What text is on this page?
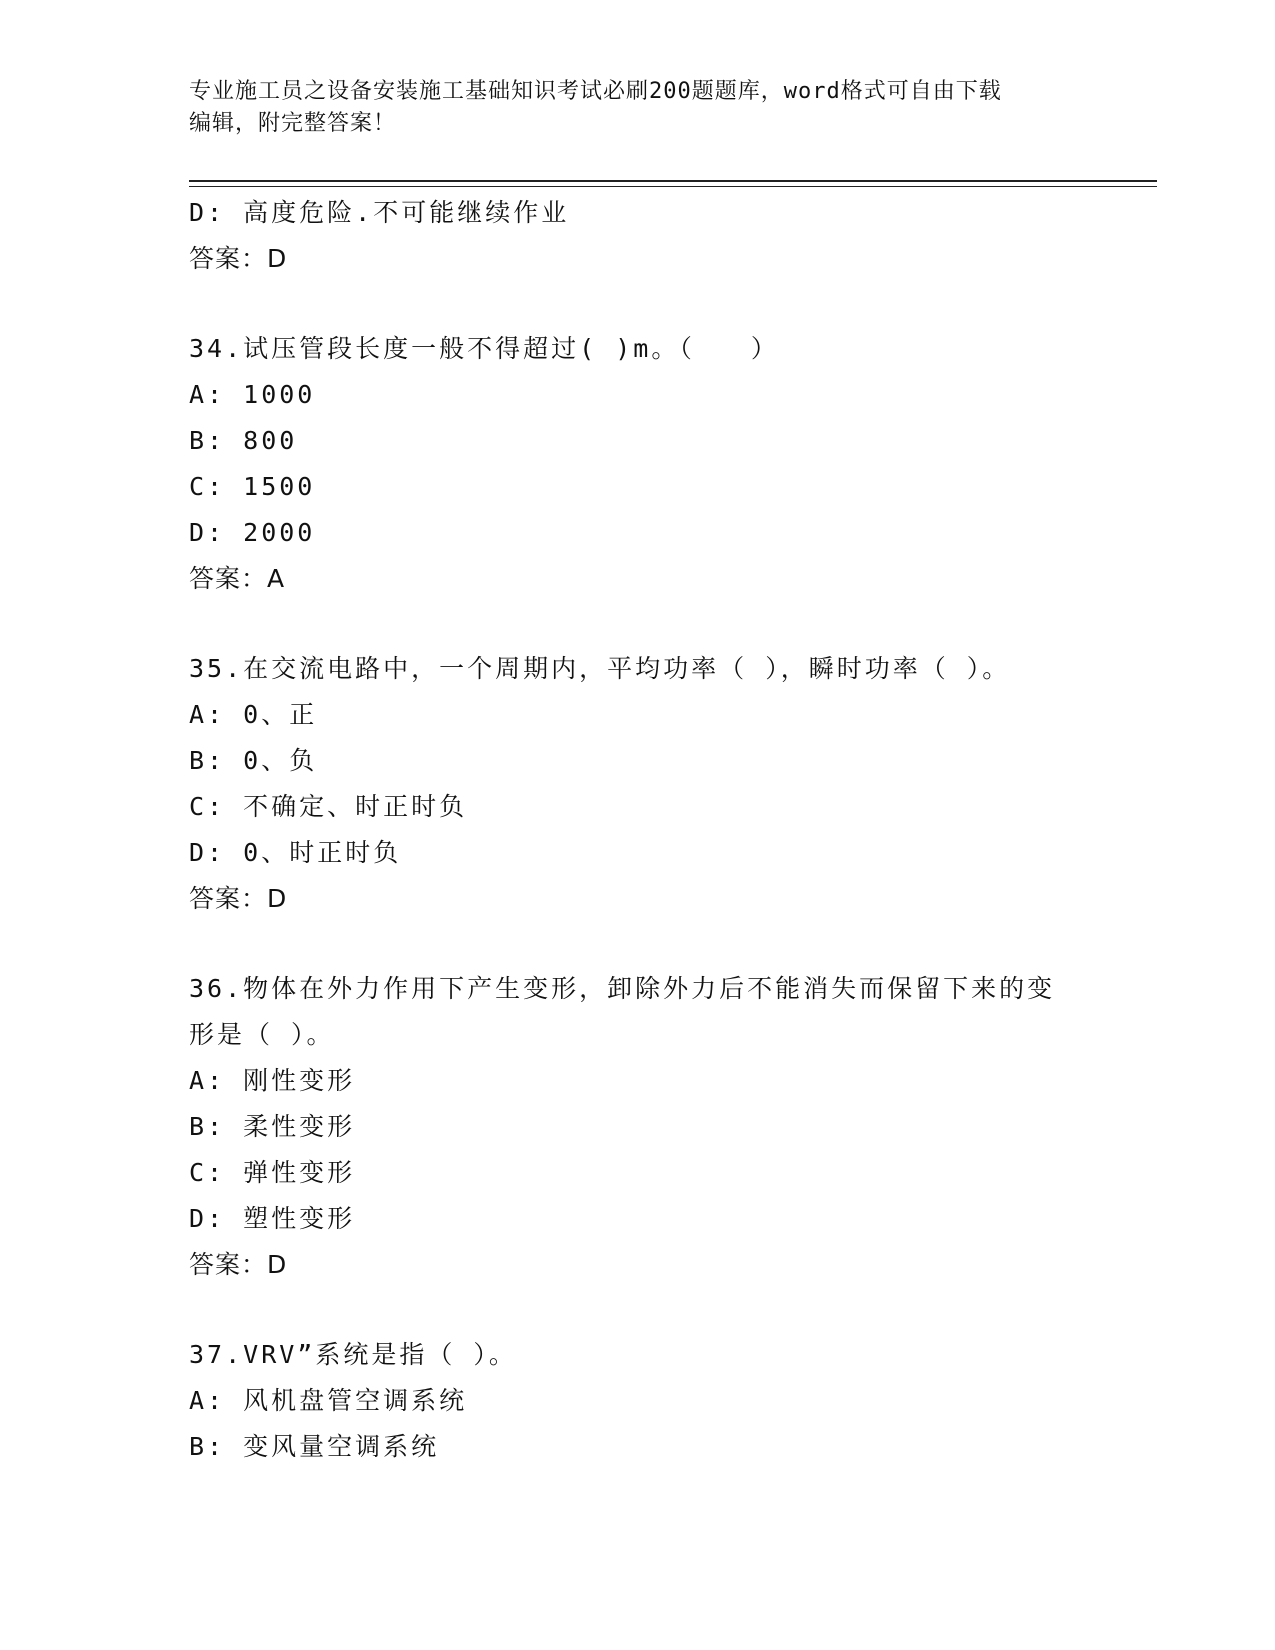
专业施工员之设备安装施工基础知识考试必刷200题题库，word格式可自由下载
编辑，附完整答案！
D: 高度危险.不可能继续作业
答案：D
34.试压管段长度一般不得超过( )m。（　　）
A: 1000
B: 800
C: 1500
D: 2000
答案：A
35.在交流电路中，一个周期内，平均功率（ ），瞬时功率（ ）。
A: 0、正
B: 0、负
C: 不确定、时正时负
D: 0、时正时负
答案：D
36.物体在外力作用下产生变形，卸除外力后不能消失而保留下来的变形是（ ）。
A: 刚性变形
B: 柔性变形
C: 弹性变形
D: 塑性变形
答案：D
37.VRV”系统是指（ ）。
A: 风机盘管空调系统
B: 变风量空调系统
